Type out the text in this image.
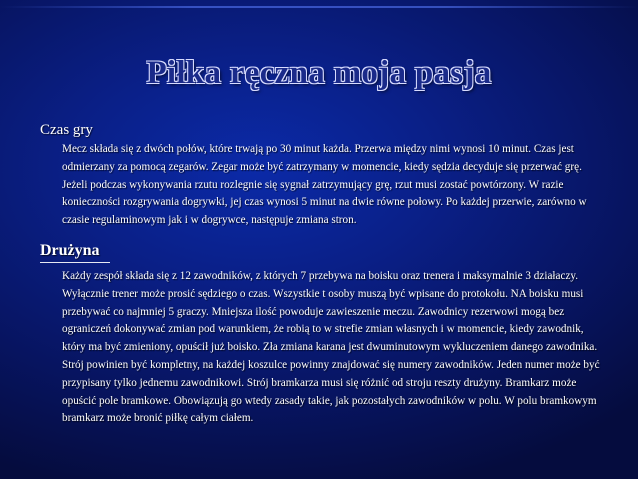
Piłka ręczna moja pasja
Czas gry
Mecz składa się z dwóch połów, które trwają po 30 minut każda. Przerwa między nimi wynosi 10 minut. Czas jest odmierzany za pomocą zegarów. Zegar może być zatrzymany w momencie, kiedy sędzia decyduje się przerwać grę. Jeżeli podczas wykonywania rzutu rozlegnie się sygnał zatrzymujący grę, rzut musi zostać powtórzony. W razie konieczności rozgrywania dogrywki, jej czas wynosi 5 minut na dwie równe połowy. Po każdej przerwie, zarówno w czasie regulaminowym jak i w dogrywce, następuje zmiana stron.
Drużyna
Każdy zespół składa się z 12 zawodników, z których 7 przebywa na boisku oraz trenera i maksymalnie 3 działaczy. Wyłącznie trener może prosić sędziego o czas. Wszystkie t osoby muszą być wpisane do protokołu. NA boisku musi przebywać co najmniej 5 graczy. Mniejsza ilość powoduje zawieszenie meczu. Zawodnicy rezerwowi mogą bez ograniczeń dokonywać zmian pod warunkiem, że robią to w strefie zmian własnych i w momencie, kiedy zawodnik, który ma być zmieniony, opuścił już boisko. Zła zmiana karana jest dwuminutowym wykluczeniem danego zawodnika. Strój powinien być kompletny, na każdej koszulce powinny znajdować się numery zawodników. Jeden numer może być przypisany tylko jednemu zawodnikowi. Strój bramkarza musi się różnić od stroju reszty drużyny. Bramkarz może opuścić pole bramkowe. Obowiązują go wtedy zasady takie, jak pozostałych zawodników w polu. W polu bramkowym bramkarz może bronić piłkę całym ciałem.
